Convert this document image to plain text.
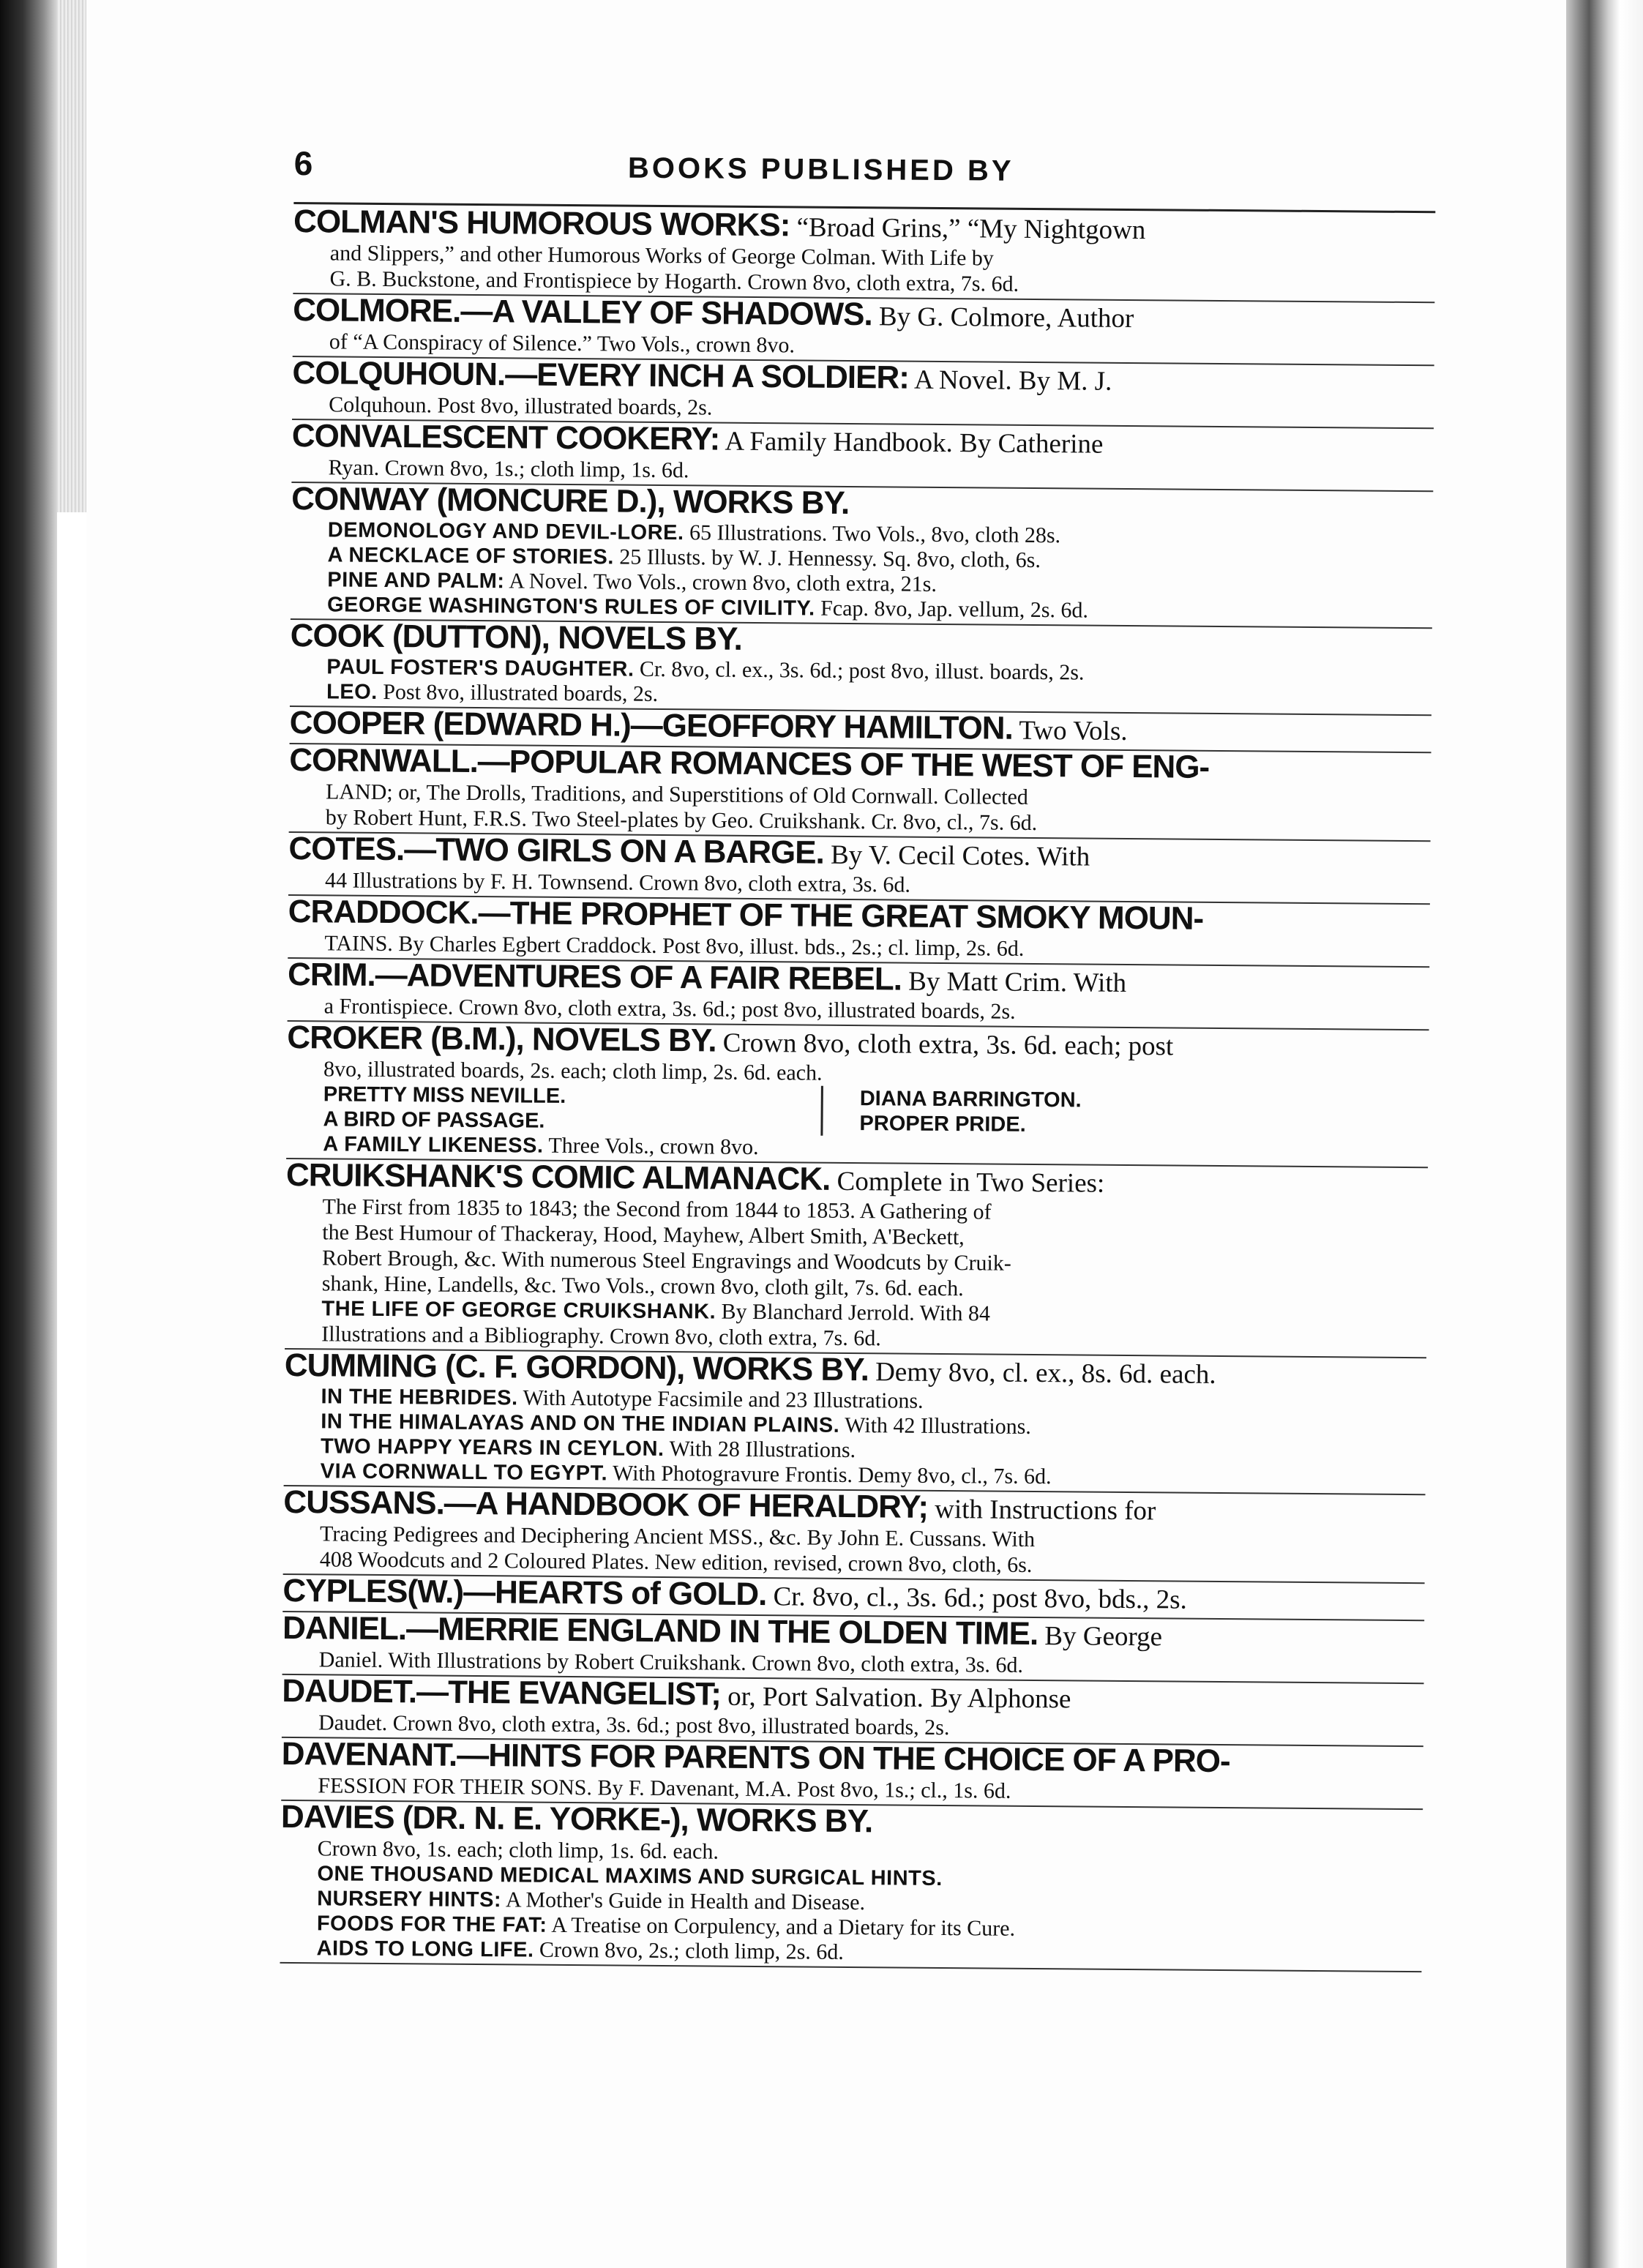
6	BOOKS PUBLISHED BY
COLMAN'S HUMOROUS WORKS: “Broad Grins,” “My Nightgown
and Slippers,” and other Humorous Works of George Colman. With Life by
G. B. Buckstone, and Frontispiece by Hogarth. Crown 8vo, cloth extra, 7s. 6d.
COLMORE.—A VALLEY OF SHADOWS. By G. Colmore, Author
of “A Conspiracy of Silence.” Two Vols., crown 8vo.
COLQUHOUN.—EVERY INCH A SOLDIER: A Novel. By M. J.
Colquhoun. Post 8vo, illustrated boards, 2s.
CONVALESCENT COOKERY: A Family Handbook. By Catherine
Ryan. Crown 8vo, 1s.; cloth limp, 1s. 6d.
CONWAY (MONCURE D.), WORKS BY.
DEMONOLOGY AND DEVIL-LORE. 65 Illustrations. Two Vols., 8vo, cloth 28s.
A NECKLACE OF STORIES. 25 Illusts. by W. J. Hennessy. Sq. 8vo, cloth, 6s.
PINE AND PALM: A Novel. Two Vols., crown 8vo, cloth extra, 21s.
GEORGE WASHINGTON'S RULES OF CIVILITY. Fcap. 8vo, Jap. vellum, 2s. 6d.
COOK (DUTTON), NOVELS BY.
PAUL FOSTER'S DAUGHTER. Cr. 8vo, cl. ex., 3s. 6d.; post 8vo, illust. boards, 2s.
LEO. Post 8vo, illustrated boards, 2s.
COOPER (EDWARD H.)—GEOFFORY HAMILTON. Two Vols.
CORNWALL.—POPULAR ROMANCES OF THE WEST OF ENG-
LAND; or, The Drolls, Traditions, and Superstitions of Old Cornwall. Collected
by Robert Hunt, F.R.S. Two Steel-plates by Geo. Cruikshank. Cr. 8vo, cl., 7s. 6d.
COTES.—TWO GIRLS ON A BARGE. By V. Cecil Cotes. With
44 Illustrations by F. H. Townsend. Crown 8vo, cloth extra, 3s. 6d.
CRADDOCK.—THE PROPHET OF THE GREAT SMOKY MOUN-
TAINS. By Charles Egbert Craddock. Post 8vo, illust. bds., 2s.; cl. limp, 2s. 6d.
CRIM.—ADVENTURES OF A FAIR REBEL. By Matt Crim. With
a Frontispiece. Crown 8vo, cloth extra, 3s. 6d.; post 8vo, illustrated boards, 2s.
CROKER (B.M.), NOVELS BY. Crown 8vo, cloth extra, 3s. 6d. each; post
8vo, illustrated boards, 2s. each; cloth limp, 2s. 6d. each.
PRETTY MISS NEVILLE.
A BIRD OF PASSAGE.
DIANA BARRINGTON.
PROPER PRIDE.
A FAMILY LIKENESS. Three Vols., crown 8vo.
CRUIKSHANK'S COMIC ALMANACK. Complete in Two Series:
The First from 1835 to 1843; the Second from 1844 to 1853. A Gathering of
the Best Humour of Thackeray, Hood, Mayhew, Albert Smith, A'Beckett,
Robert Brough, &c. With numerous Steel Engravings and Woodcuts by Cruik-
shank, Hine, Landells, &c. Two Vols., crown 8vo, cloth gilt, 7s. 6d. each.
THE LIFE OF GEORGE CRUIKSHANK. By Blanchard Jerrold. With 84
Illustrations and a Bibliography. Crown 8vo, cloth extra, 7s. 6d.
CUMMING (C. F. GORDON), WORKS BY. Demy 8vo, cl. ex., 8s. 6d. each.
IN THE HEBRIDES. With Autotype Facsimile and 23 Illustrations.
IN THE HIMALAYAS AND ON THE INDIAN PLAINS. With 42 Illustrations.
TWO HAPPY YEARS IN CEYLON. With 28 Illustrations.
VIA CORNWALL TO EGYPT. With Photogravure Frontis. Demy 8vo, cl., 7s. 6d.
CUSSANS.—A HANDBOOK OF HERALDRY; with Instructions for
Tracing Pedigrees and Deciphering Ancient MSS., &c. By John E. Cussans. With
408 Woodcuts and 2 Coloured Plates. New edition, revised, crown 8vo, cloth, 6s.
CYPLES(W.)—HEARTS of GOLD. Cr. 8vo, cl., 3s. 6d.; post 8vo, bds., 2s.
DANIEL.—MERRIE ENGLAND IN THE OLDEN TIME. By George
Daniel. With Illustrations by Robert Cruikshank. Crown 8vo, cloth extra, 3s. 6d.
DAUDET.—THE EVANGELIST; or, Port Salvation. By Alphonse
Daudet. Crown 8vo, cloth extra, 3s. 6d.; post 8vo, illustrated boards, 2s.
DAVENANT.—HINTS FOR PARENTS ON THE CHOICE OF A PRO-
FESSION FOR THEIR SONS. By F. Davenant, M.A. Post 8vo, 1s.; cl., 1s. 6d.
DAVIES (DR. N. E. YORKE-), WORKS BY.
Crown 8vo, 1s. each; cloth limp, 1s. 6d. each.
ONE THOUSAND MEDICAL MAXIMS AND SURGICAL HINTS.
NURSERY HINTS: A Mother's Guide in Health and Disease.
FOODS FOR THE FAT: A Treatise on Corpulency, and a Dietary for its Cure.
AIDS TO LONG LIFE. Crown 8vo, 2s.; cloth limp, 2s. 6d.
